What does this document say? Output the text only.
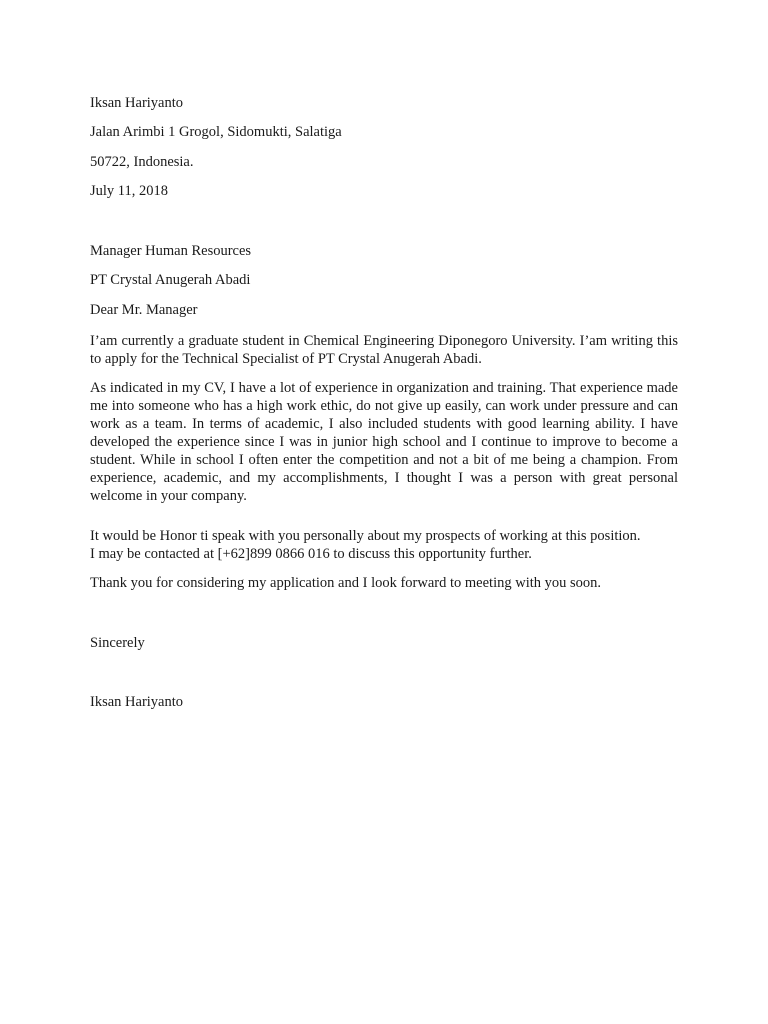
Iksan Hariyanto
Jalan Arimbi 1 Grogol, Sidomukti, Salatiga
50722, Indonesia.
July 11, 2018
Manager Human Resources
PT Crystal Anugerah Abadi
Dear Mr. Manager
I’am currently a graduate student in Chemical Engineering Diponegoro University. I’am writing this to apply for the Technical Specialist of PT Crystal Anugerah Abadi.
As indicated in my CV, I have a lot of experience in organization and training. That experience made me into someone who has a high work ethic, do not give up easily, can work under pressure and can work as a team. In terms of academic, I also included students with good learning ability. I have developed the experience since I was in junior high school and I continue to improve to become a student. While in school I often enter the competition and not a bit of me being a champion. From experience, academic, and my accomplishments, I thought I was a person with great personal welcome in your company.
It would be Honor ti speak with you personally about my prospects of working at this position.
I may be contacted at [+62]899 0866 016 to discuss this opportunity further.
Thank you for considering my application and I look forward to meeting with you soon.
Sincerely
Iksan Hariyanto
